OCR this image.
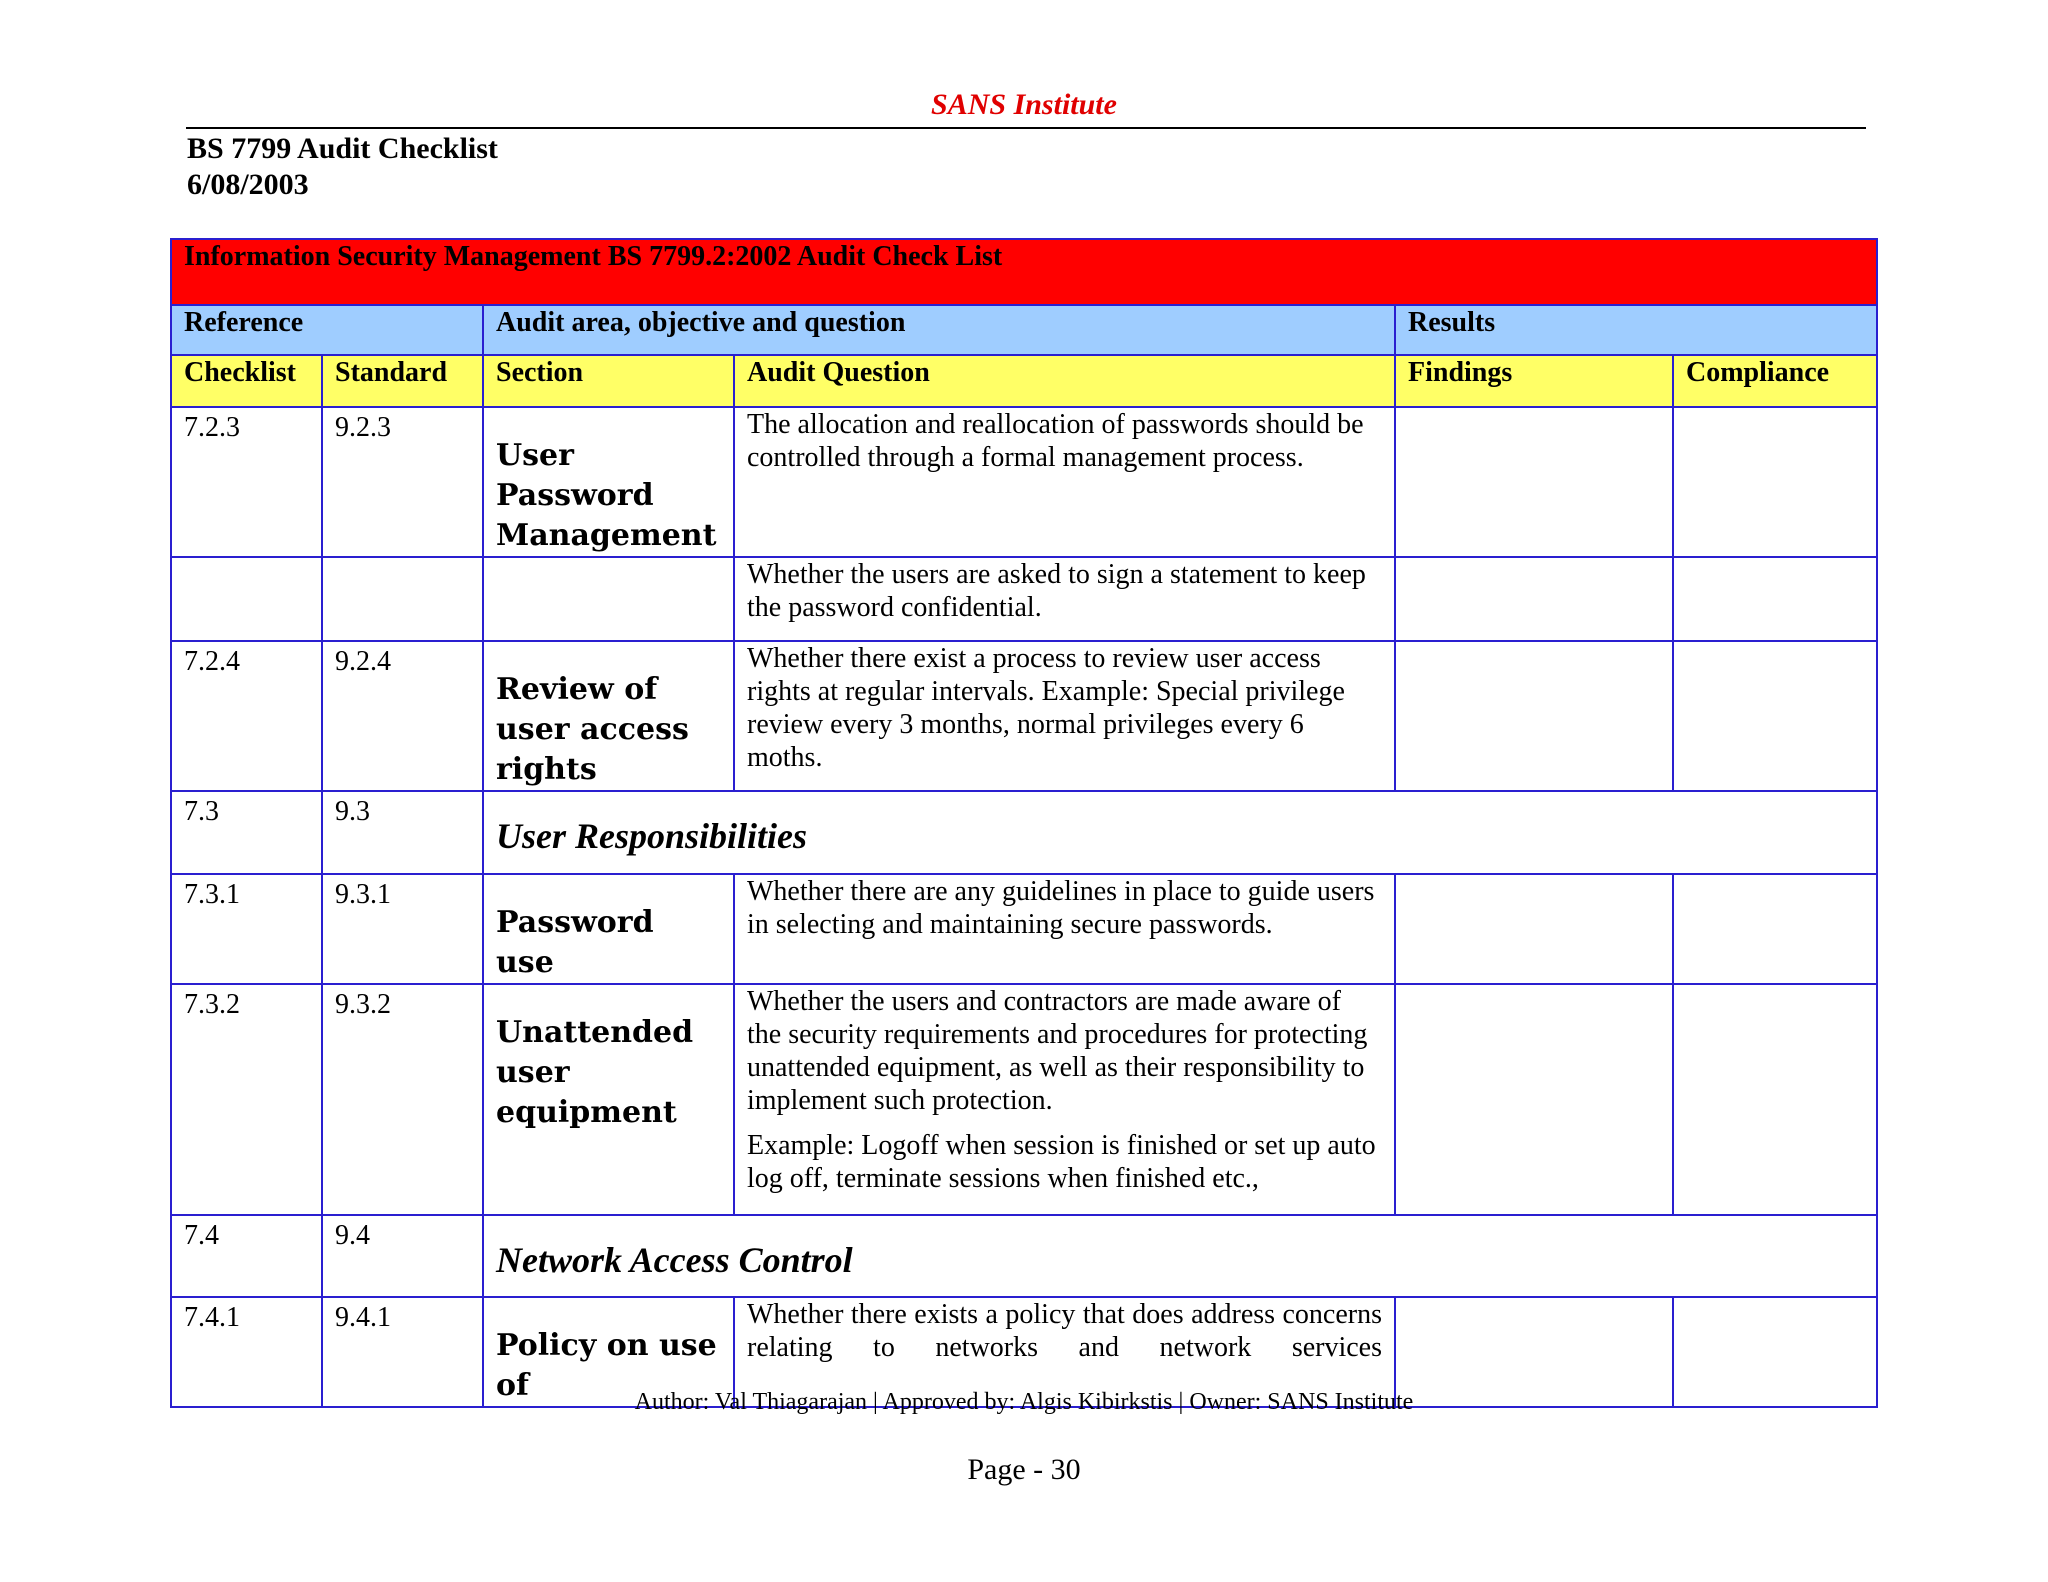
SANS Institute
BS 7799 Audit Checklist
6/08/2003
Information Security Management BS 7799.2:2002 Audit Check List					
Reference		Audit area, objective and question		Results	
Checklist	Standard	Section	Audit Question	Findings	Compliance

7.2.3	9.2.3	User Password Management	The allocation and reallocation of passwords should be controlled through a formal management process.		

			Whether the users are asked to sign a statement to keep the password confidential.		

7.2.4	9.2.4	Review of user access rights	Whether there exist a process to review user access rights at regular intervals. Example: Special privilege review every 3 months, normal privileges every 6 moths.		

7.3	9.3	User Responsibilities			

7.3.1	9.3.1	Password use	Whether there are any guidelines in place to guide users in selecting and maintaining secure passwords.		

7.3.2	9.3.2	Unattended user equipment	Whether the users and contractors are made aware of the security requirements and procedures for protecting unattended equipment, as well as their responsibility to implement such protection.

Example: Logoff when session is finished or set up auto log off, terminate sessions when finished etc.,		

7.4	9.4	Network Access Control			

7.4.1	9.4.1	Policy on use of	Whether there exists a policy that does address concerns relating to networks and network services		

Author: Val Thiagarajan | Approved by: Algis Kibirkstis | Owner: SANS Institute
Page - 30
